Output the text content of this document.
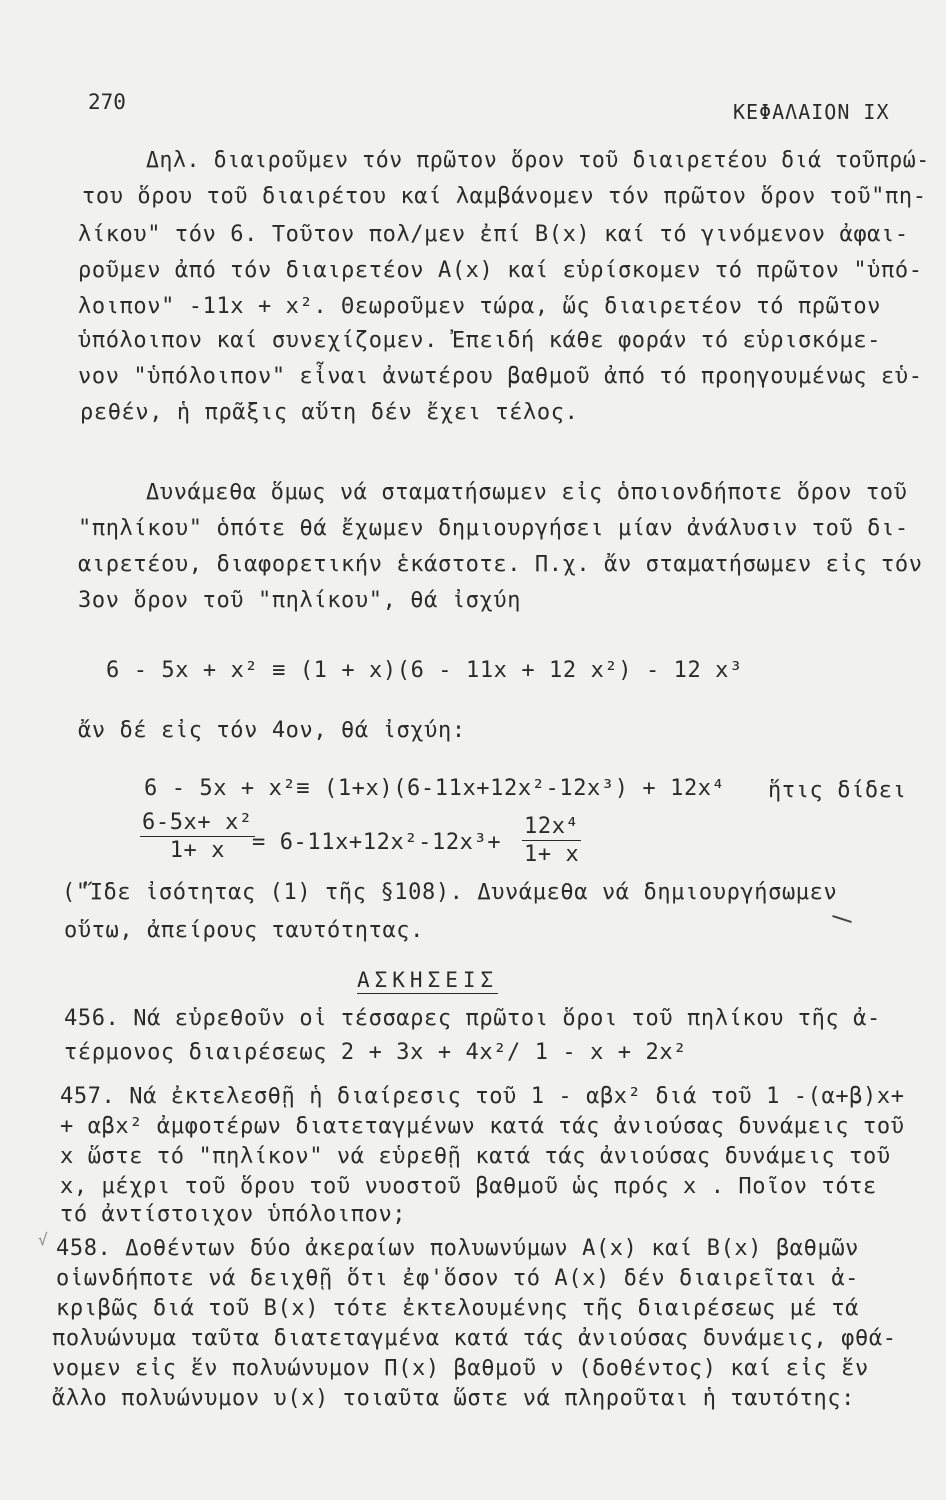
270	ΚΕΦΑΛΑΙΟΝ IX
Δηλ. διαιροῦμεν τόν πρῶτον ὅρον τοῦ διαιρετέου διά τοῦπρώ-
του ὅρου τοῦ διαιρέτου καί λαμβάνομεν τόν πρῶτον ὅρον τοῦ"πη-
λίκου" τόν 6. Τοῦτον πολ/μεν ἐπί B(x) καί τό γινόμενον ἀφαι-
ροῦμεν ἀπό τόν διαιρετέον A(x) καί εὑρίσκομεν τό πρῶτον "ὑπό-
λοιπον" -11x + x². Θεωροῦμεν τώρα, ὥς διαιρετέον τό πρῶτον
ὑπόλοιπον καί συνεχίζομεν. Ἐπειδή κάθε φοράν τό εὑρισκόμε-
νον "ὑπόλοιπον" εἶναι ἀνωτέρου βαθμοῦ ἀπό τό προηγουμένως εὑ-
ρεθέν, ἡ πρᾶξις αὕτη δέν ἔχει τέλος.
Δυνάμεθα ὅμως νά σταματήσωμεν εἰς ὁποιονδήποτε ὅρον τοῦ
"πηλίκου" ὁπότε θά ἔχωμεν δημιουργήσει μίαν ἀνάλυσιν τοῦ δι-
αιρετέου, διαφορετικήν ἑκάστοτε. Π.χ. ἄν σταματήσωμεν εἰς τόν
3ον ὅρον τοῦ "πηλίκου", θά ἰσχύη
6 - 5x + x² ≡ (1 + x)(6 - 11x + 12 x²) - 12 x³
ἄν δέ εἰς τόν 4ον, θά ἰσχύη:
6 - 5x + x²≡ (1+x)(6-11x+12x²-12x³) + 12x⁴ ἥτις δίδει
$\frac{\text{6-5x+ x²}}{1+ x}$
= $6-11x+12x^2-12x^3+ \frac{\text{12x⁴}}{1+ x}$
("Ἴδε ἰσότητας (1) τῆς §108). Δυνάμεθα νά δημιουργήσωμεν
οὕτω, ἀπείρους ταυτότητας.
ΑΣΚΗΣΕΙΣ
456. Νά εὑρεθοῦν οἱ τέσσαρες πρῶτοι ὅροι τοῦ πηλίκου τῆς ἀ-
τέρμονος διαιρέσεως 2 + 3x + 4x²/ 1 - x + 2x²
457. Νά ἐκτελεσθῇ ἡ διαίρεσις τοῦ 1 - αβx² διά τοῦ 1 -(α+β)x+
+ αβx² ἀμφοτέρων διατεταγμένων κατά τάς ἀνιούσας δυνάμεις τοῦ
x ὥστε τό "πηλίκον" νά εὑρεθῇ κατά τάς ἀνιούσας δυνάμεις τοῦ
x, μέχρι τοῦ ὅρου τοῦ νυοστοῦ βαθμοῦ ὡς πρός x . Ποῖον τότε
τό ἀντίστοιχον ὑπόλοιπον;
√ 458. Δοθέντων δύο ἀκεραίων πολυωνύμων A(x) καί B(x) βαθμῶν
οἱωνδήποτε νά δειχθῇ ὅτι ἐφ'ὅσον τό A(x) δέν διαιρεῖται ἀ-
κριβῶς διά τοῦ B(x) τότε ἐκτελουμένης τῆς διαιρέσεως μέ τά
πολυώνυμα ταῦτα διατεταγμένα κατά τάς ἀνιούσας δυνάμεις, φθά-
νομεν εἰς ἕν πολυώνυμον Π(x) βαθμοῦ ν (δοθέντος) καί εἰς ἕν
ἄλλο πολυώνυμον υ(x) τοιαῦτα ὥστε νά πληροῦται ἡ ταυτότης:
